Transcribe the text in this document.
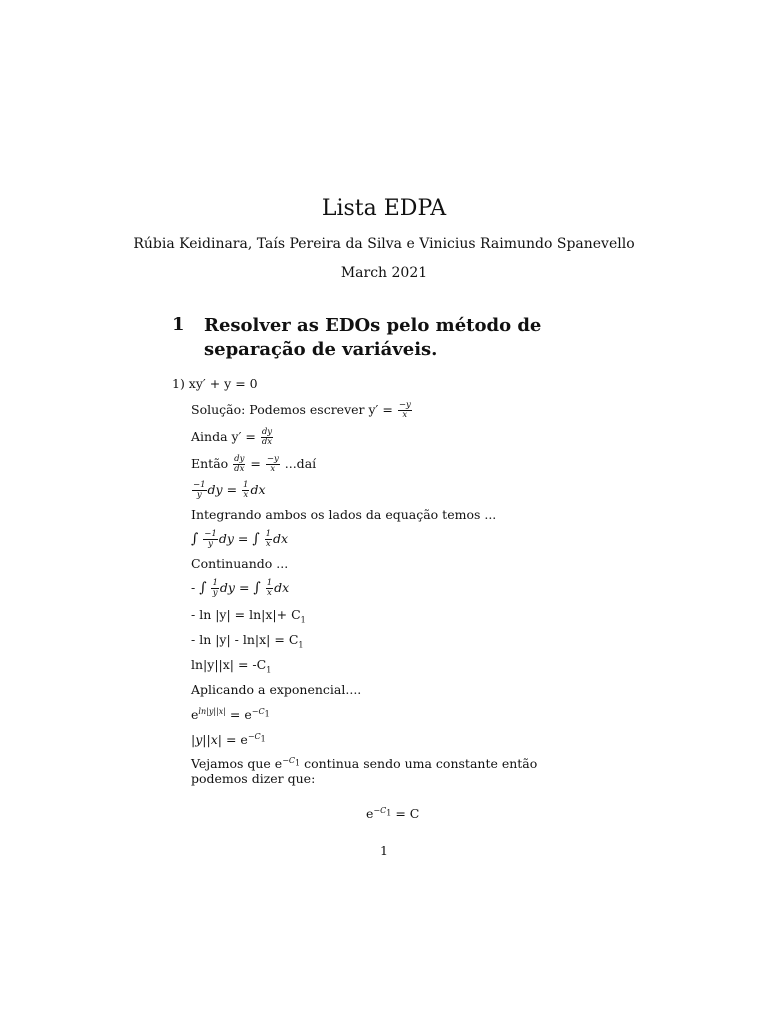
Lista EDPA
Rúbia Keidinara, Taís Pereira da Silva e Vinicius Raimundo Spanevello
March 2021
1 Resolver as EDOs pelo método de separação de variáveis.
1) xy′ + y = 0
Solução: Podemos escrever $y' = \frac{-y}{x}$
Ainda $y' = \frac{dy}{dx}$
Então $\frac{dy}{dx} = \frac{-y}{x}$ ...daí
$\frac{-1}{y}$ dy = $\frac{1}{x}$ dx
Integrando ambos os lados da equação temos ...
∫ $\frac{-1}{y}$ dy = ∫ $\frac{1}{x}$ dx
Continuando ...
- ∫ $\frac{1}{y}$ dy = ∫ $\frac{1}{x}$ dx
- $\ln |y| = \ln|x|+ C_1$
- $\ln |y| - \ln|x| = C_1$
$\ln|y||x| = -C_1$
Aplicando a exponencial....
$e^{ln|y||x|} = e^{-C_1}$
$|y||x| = e^{-C_1}$
Vejamos que $e^{-C_1}$ continua sendo uma constante então
podemos dizer que:
$e^{-C_1} = C$
1
